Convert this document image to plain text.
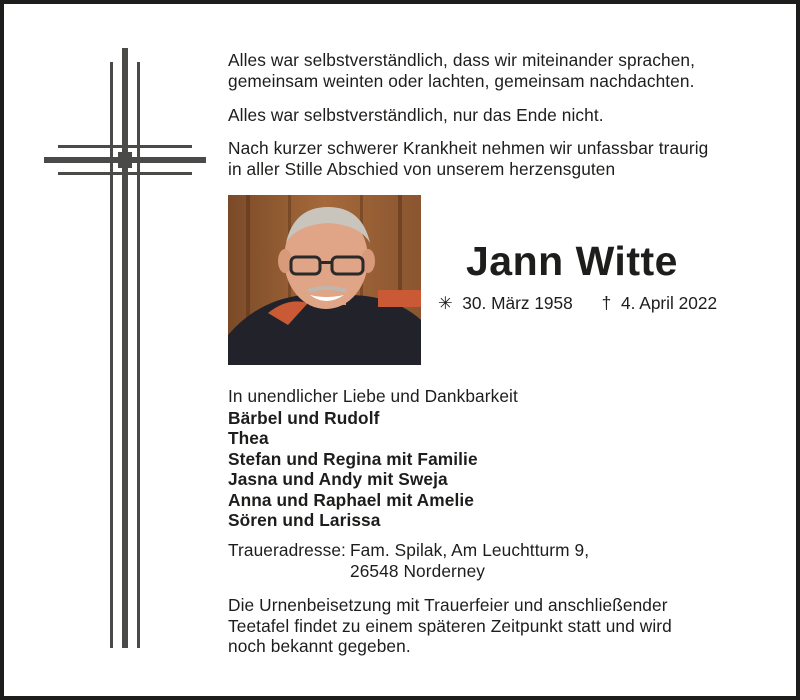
Alles war selbstverständlich, dass wir miteinander sprachen,

gemeinsam weinten oder lachten, gemeinsam nachdachten.

Alles war selbstverständlich, nur das Ende nicht.

Nach kurzer schwerer Krankheit nehmen wir unfassbar traurig

in aller Stille Abschied von unserem herzensguten

Jann Witte
✳ 30. März 1958 † 4. April 2022

In unendlicher Liebe und Dankbarkeit

Bärbel und Rudolf

Thea

Stefan und Regina mit Familie

Jasna und Andy mit Sweja

Anna und Raphael mit Amelie

Sören und Larissa

Traueradresse: Fam. Spilak, Am Leuchtturm 9,

26548 Norderney

Die Urnenbeisetzung mit Trauerfeier und anschließender

Teetafel findet zu einem späteren Zeitpunkt statt und wird

noch bekannt gegeben.
